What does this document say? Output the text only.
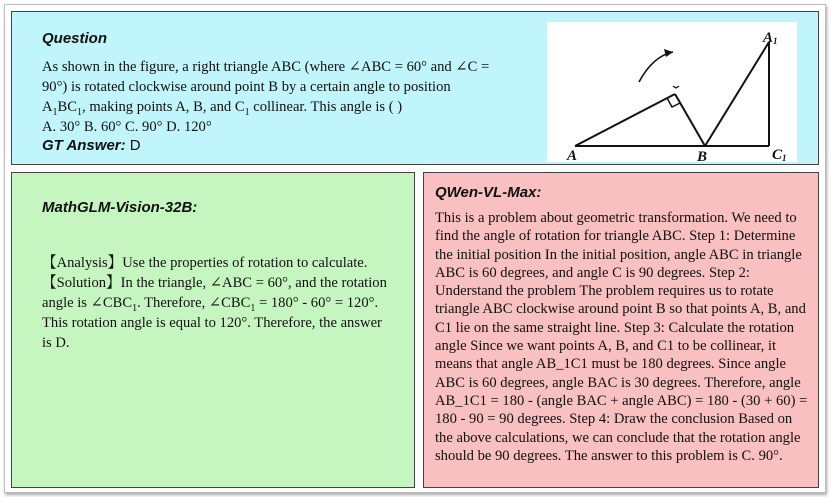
Question
As shown in the figure, a right triangle ABC (where ∠ABC = 60° and ∠C =
90°) is rotated clockwise around point B by a certain angle to position
$A_1BC_1$, making points A, B, and $C_1$ collinear. This angle is ( )
A. 30° B. 60° C. 90° D. 120°
GT Answer: D
A	B	C1
A1
MathGLM-Vision-32B:
【Analysis】Use the properties of rotation to calculate. 【Solution】In the triangle, ∠ABC = 60°, and the rotation angle is $\angle CBC_1$. Therefore, $\angle CBC_1 = 180^\circ - 60^\circ = 120^\circ$. This rotation angle is equal to 120°. Therefore, the answer is D.
QWen-VL-Max:
This is a problem about geometric transformation. We need to find the angle of rotation for triangle ABC. Step 1: Determine the initial position In the initial position, angle ABC in triangle ABC is 60 degrees, and angle C is 90 degrees. Step 2: Understand the problem The problem requires us to rotate triangle ABC clockwise around point B so that points A, B, and C1 lie on the same straight line. Step 3: Calculate the rotation angle Since we want points A, B, and C1 to be collinear, it means that angle AB_1C1 must be 180 degrees. Since angle ABC is 60 degrees, angle BAC is 30 degrees. Therefore, angle AB_1C1 = 180 - (angle BAC + angle ABC) = 180 - (30 + 60) = 180 - 90 = 90 degrees. Step 4: Draw the conclusion Based on the above calculations, we can conclude that the rotation angle should be 90 degrees. The answer to this problem is C. 90°.
